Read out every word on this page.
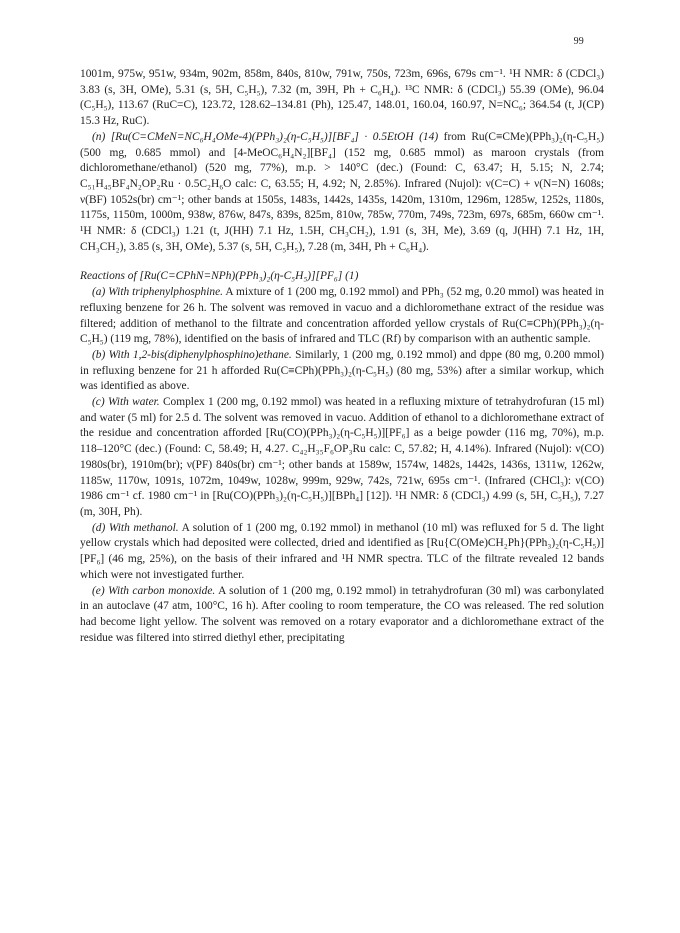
99

1001m, 975w, 951w, 934m, 902m, 858m, 840s, 810w, 791w, 750s, 723m, 696s, 679s cm⁻¹. ¹H NMR: δ (CDCl₃) 3.83 (s, 3H, OMe), 5.31 (s, 5H, C₅H₅), 7.32 (m, 39H, Ph + C₆H₄). ¹³C NMR: δ (CDCl₃) 55.39 (OMe), 96.04 (C₅H₅), 113.67 (RuC=C), 123.72, 128.62–134.81 (Ph), 125.47, 148.01, 160.04, 160.97, N=NC₆; 364.54 (t, J(CP) 15.3 Hz, RuC).

(n) [Ru(C=CMeN=NC₆H₄OMe-4)(PPh₃)₂(η-C₅H₅)][BF₄] · 0.5EtOH (14) from Ru(C≡CMe)(PPh₃)₂(η-C₅H₅) (500 mg, 0.685 mmol) and [4-MeOC₆H₄N₂][BF₄] (152 mg, 0.685 mmol) as maroon crystals (from dichloromethane/ethanol) (520 mg, 77%), m.p. > 140°C (dec.) (Found: C, 63.47; H, 5.15; N, 2.74; C₅₁H₄₅BF₄N₂OP₂Ru · 0.5C₂H₆O calc: C, 63.55; H, 4.92; N, 2.85%). Infrared (Nujol): ν(C=C) + ν(N=N) 1608s; ν(BF) 1052s(br) cm⁻¹; other bands at 1505s, 1483s, 1442s, 1435s, 1420m, 1310m, 1296m, 1285w, 1252s, 1180s, 1175s, 1150m, 1000m, 938w, 876w, 847s, 839s, 825m, 810w, 785w, 770m, 749s, 723m, 697s, 685m, 660w cm⁻¹. ¹H NMR: δ (CDCl₃) 1.21 (t, J(HH) 7.1 Hz, 1.5H, CH₃CH₂), 1.91 (s, 3H, Me), 3.69 (q, J(HH) 7.1 Hz, 1H, CH₃CH₂), 3.85 (s, 3H, OMe), 5.37 (s, 5H, C₅H₅), 7.28 (m, 34H, Ph + C₆H₄).

Reactions of [Ru(C=CPhN=NPh)(PPh₃)₂(η-C₅H₅)][PF₆] (1)

(a) With triphenylphosphine. A mixture of 1 (200 mg, 0.192 mmol) and PPh₃ (52 mg, 0.20 mmol) was heated in refluxing benzene for 26 h. The solvent was removed in vacuo and a dichloromethane extract of the residue was filtered; addition of methanol to the filtrate and concentration afforded yellow crystals of Ru(C≡CPh)(PPh₃)₂(η-C₅H₅) (119 mg, 78%), identified on the basis of infrared and TLC (Rf) by comparison with an authentic sample.

(b) With 1,2-bis(diphenylphosphino)ethane. Similarly, 1 (200 mg, 0.192 mmol) and dppe (80 mg, 0.200 mmol) in refluxing benzene for 21 h afforded Ru(C≡CPh)(PPh₃)₂(η-C₅H₅) (80 mg, 53%) after a similar workup, which was identified as above.

(c) With water. Complex 1 (200 mg, 0.192 mmol) was heated in a refluxing mixture of tetrahydrofuran (15 ml) and water (5 ml) for 2.5 d. The solvent was removed in vacuo. Addition of ethanol to a dichloromethane extract of the residue and concentration afforded [Ru(CO)(PPh₃)₂(η-C₅H₅)][PF₆] as a beige powder (116 mg, 70%), m.p. 118–120°C (dec.) (Found: C, 58.49; H, 4.27. C₄₂H₃₅F₆OP₃Ru calc: C, 57.82; H, 4.14%). Infrared (Nujol): ν(CO) 1980s(br), 1910m(br); ν(PF) 840s(br) cm⁻¹; other bands at 1589w, 1574w, 1482s, 1442s, 1436s, 1311w, 1262w, 1185w, 1170w, 1091s, 1072m, 1049w, 1028w, 999m, 929w, 742s, 721w, 695s cm⁻¹. (Infrared (CHCl₃): ν(CO) 1986 cm⁻¹ cf. 1980 cm⁻¹ in [Ru(CO)(PPh₃)₂(η-C₅H₅)][BPh₄] [12]). ¹H NMR: δ (CDCl₃) 4.99 (s, 5H, C₅H₅), 7.27 (m, 30H, Ph).

(d) With methanol. A solution of 1 (200 mg, 0.192 mmol) in methanol (10 ml) was refluxed for 5 d. The light yellow crystals which had deposited were collected, dried and identified as [Ru{C(OMe)CH₂Ph}(PPh₃)₂(η-C₅H₅)][PF₆] (46 mg, 25%), on the basis of their infrared and ¹H NMR spectra. TLC of the filtrate revealed 12 bands which were not investigated further.

(e) With carbon monoxide. A solution of 1 (200 mg, 0.192 mmol) in tetrahydrofuran (30 ml) was carbonylated in an autoclave (47 atm, 100°C, 16 h). After cooling to room temperature, the CO was released. The red solution had become light yellow. The solvent was removed on a rotary evaporator and a dichloromethane extract of the residue was filtered into stirred diethyl ether, precipitating
